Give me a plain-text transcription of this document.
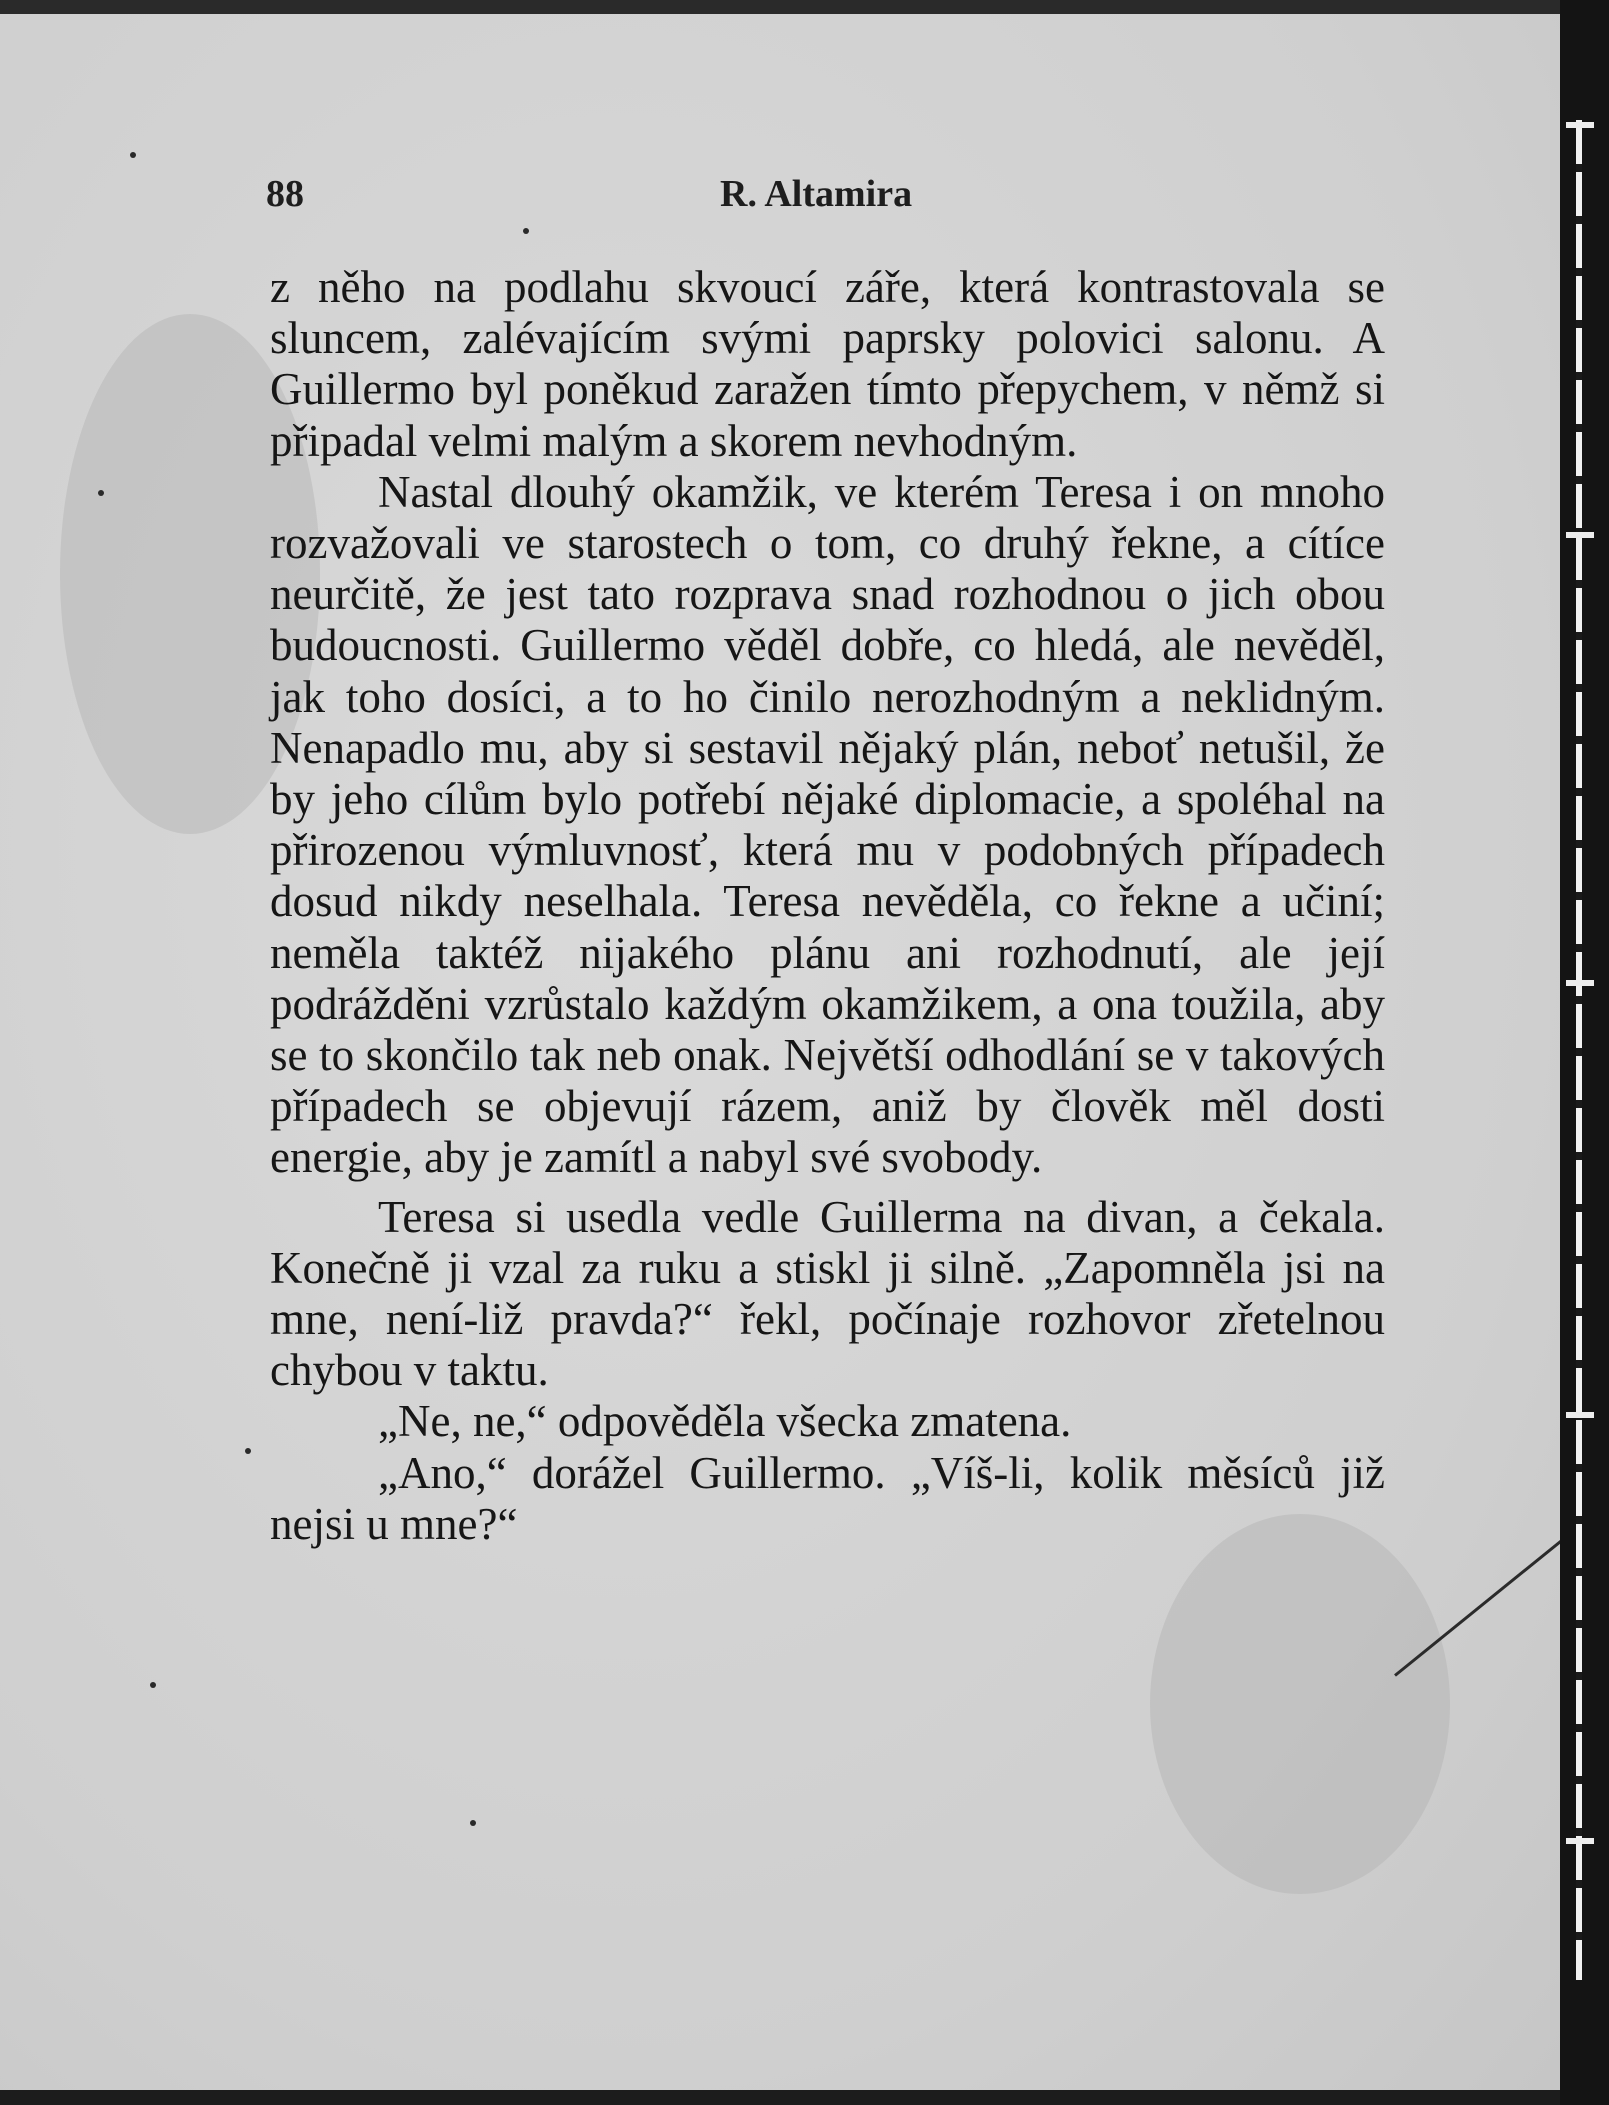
88	R. Altamira

z něho na podlahu skvoucí záře, která kontrastovala se sluncem, zalévajícím svými paprsky polovici salonu. A Guillermo byl poněkud zaražen tímto přepychem, v němž si připadal velmi malým a skorem nevhodným.

Nastal dlouhý okamžik, ve kterém Teresa i on mnoho rozvažovali ve starostech o tom, co druhý řekne, a cítíce neurčitě, že jest tato rozprava snad rozhodnou o jich obou budoucnosti. Guillermo věděl dobře, co hledá, ale nevěděl, jak toho dosíci, a to ho činilo nerozhodným a neklidným. Nenapadlo mu, aby si sestavil nějaký plán, neboť netušil, že by jeho cílům bylo potřebí nějaké diplomacie, a spoléhal na přirozenou výmluvnosť, která mu v podobných případech dosud nikdy neselhala. Teresa nevěděla, co řekne a učiní; neměla taktéž nijakého plánu ani rozhodnutí, ale její podrážděni vzrůstalo každým okamžikem, a ona toužila, aby se to skončilo tak neb onak. Největší odhodlání se v takových případech se objevují rázem, aniž by člověk měl dosti energie, aby je zamítl a nabyl své svobody.

Teresa si usedla vedle Guillerma na divan, a čekala. Konečně ji vzal za ruku a stiskl ji silně. „Zapomněla jsi na mne, není-liž pravda?“ řekl, počínaje rozhovor zřetelnou chybou v taktu.

„Ne, ne,“ odpověděla všecka zmatena.

„Ano,“ dorážel Guillermo. „Víš-li, kolik měsíců již nejsi u mne?“
